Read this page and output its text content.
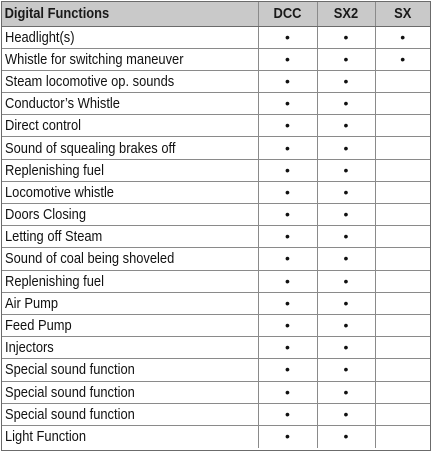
Digital Functions	DCC	SX2	SX
Headlight(s)	•	•	•
Whistle for switching maneuver	•	•	•
Steam locomotive op. sounds	•	•	
Conductor’s Whistle	•	•	
Direct control	•	•	
Sound of squealing brakes off	•	•	
Replenishing fuel	•	•	
Locomotive whistle	•	•	
Doors Closing	•	•	
Letting off Steam	•	•	
Sound of coal being shoveled	•	•	
Replenishing fuel	•	•	
Air Pump	•	•	
Feed Pump	•	•	
Injectors	•	•	
Special sound function	•	•	
Special sound function	•	•	
Special sound function	•	•	
Light Function	•	•	
